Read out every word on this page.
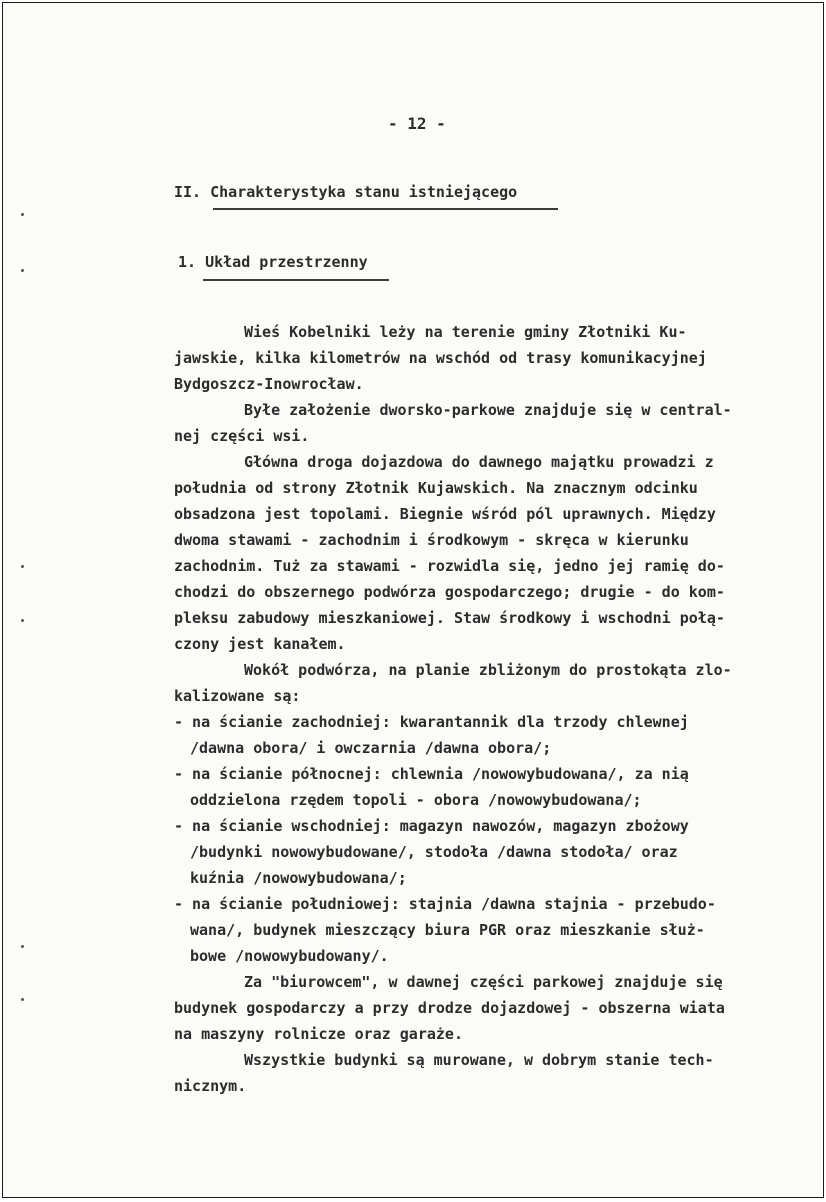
- 12 -
II. Charakterystyka stanu istniejącego
1. Układ przestrzenny
Wieś Kobelniki leży na terenie gminy Złotniki Ku-
jawskie, kilka kilometrów na wschód od trasy komunikacyjnej
Bydgoszcz-Inowrocław.
Byłe założenie dworsko-parkowe znajduje się w central-
nej części wsi.
Główna droga dojazdowa do dawnego majątku prowadzi z
południa od strony Złotnik Kujawskich. Na znacznym odcinku
obsadzona jest topolami. Biegnie wśród pól uprawnych. Między
dwoma stawami - zachodnim i środkowym - skręca w kierunku
zachodnim. Tuż za stawami - rozwidla się, jedno jej ramię do-
chodzi do obszernego podwórza gospodarczego; drugie - do kom-
pleksu zabudowy mieszkaniowej. Staw środkowy i wschodni połą-
czony jest kanałem.
Wokół podwórza, na planie zbliżonym do prostokąta zlo-
kalizowane są:
- na ścianie zachodniej: kwarantannik dla trzody chlewnej
/dawna obora/ i owczarnia /dawna obora/;
- na ścianie północnej: chlewnia /nowowybudowana/, za nią
oddzielona rzędem topoli - obora /nowowybudowana/;
- na ścianie wschodniej: magazyn nawozów, magazyn zbożowy
/budynki nowowybudowane/, stodoła /dawna stodoła/ oraz
kuźnia /nowowybudowana/;
- na ścianie południowej: stajnia /dawna stajnia - przebudo-
wana/, budynek mieszczący biura PGR oraz mieszkanie służ-
bowe /nowowybudowany/.
Za "biurowcem", w dawnej części parkowej znajduje się
budynek gospodarczy a przy drodze dojazdowej - obszerna wiata
na maszyny rolnicze oraz garaże.
Wszystkie budynki są murowane, w dobrym stanie tech-
nicznym.
